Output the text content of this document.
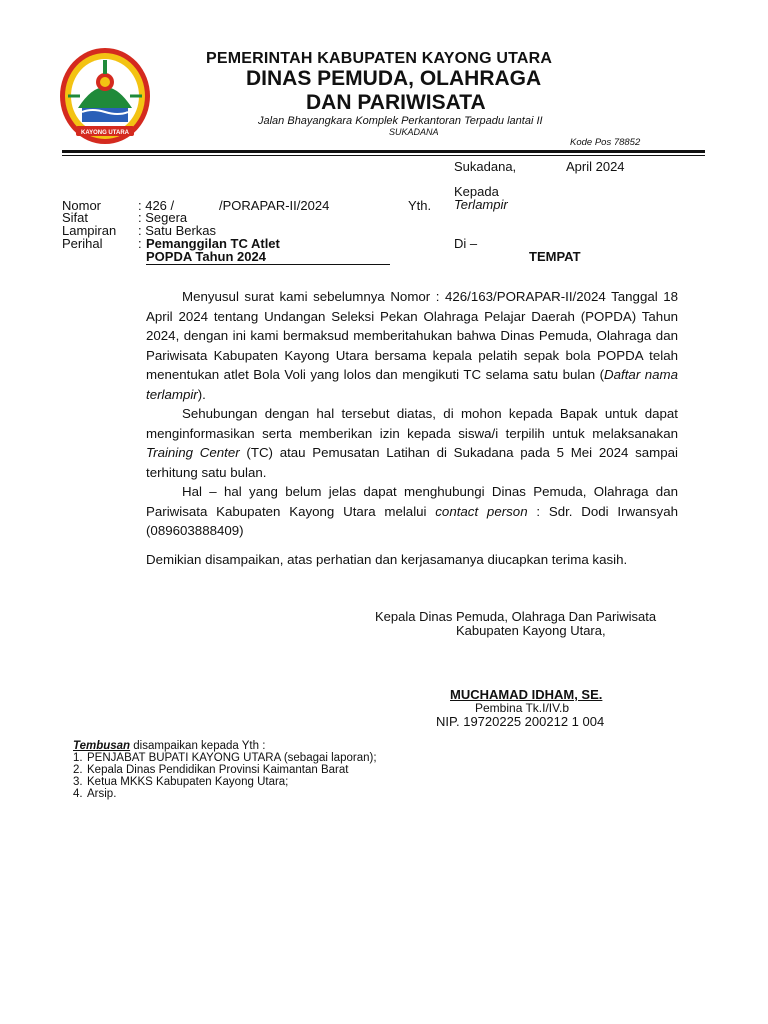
KAYONG UTARA
PEMERINTAH KABUPATEN KAYONG UTARA
DINAS PEMUDA, OLAHRAGA
DAN PARIWISATA
Jalan Bhayangkara Komplek Perkantoran Terpadu lantai II
SUKADANA
Kode Pos 78852
Sukadana,	April 2024
Kepada
Yth. Terlampir
Di –
TEMPAT
Nomor	: 426 /	/PORAPAR-II/2024
Sifat	: Segera
Lampiran : Satu Berkas
Perihal	: Pemanggilan TC Atlet
POPDA Tahun 2024

Menyusul surat kami sebelumnya Nomor : 426/163/PORAPAR-II/2024 Tanggal 18 April 2024 tentang Undangan Seleksi Pekan Olahraga Pelajar Daerah (POPDA) Tahun 2024, dengan ini kami bermaksud memberitahukan bahwa Dinas Pemuda, Olahraga dan Pariwisata Kabupaten Kayong Utara bersama kepala pelatih sepak bola POPDA telah menentukan atlet Bola Voli yang lolos dan mengikuti TC selama satu bulan (Daftar nama terlampir).

Sehubungan dengan hal tersebut diatas, di mohon kepada Bapak untuk dapat menginformasikan serta memberikan izin kepada siswa/i terpilih untuk melaksanakan Training Center (TC) atau Pemusatan Latihan di Sukadana pada 5 Mei 2024 sampai terhitung satu bulan.

Hal – hal yang belum jelas dapat menghubungi Dinas Pemuda, Olahraga dan Pariwisata Kabupaten Kayong Utara melalui contact person : Sdr. Dodi Irwansyah (089603888409)

Demikian disampaikan, atas perhatian dan kerjasamanya diucapkan terima kasih.
Kepala Dinas Pemuda, Olahraga Dan Pariwisata
Kabupaten Kayong Utara,
MUCHAMAD IDHAM, SE.
Pembina Tk.I/IV.b
NIP. 19720225 200212 1 004
Tembusan disampaikan kepada Yth :
1. PENJABAT BUPATI KAYONG UTARA (sebagai laporan);
2. Kepala Dinas Pendidikan Provinsi Kaimantan Barat
3. Ketua MKKS Kabupaten Kayong Utara;
4. Arsip.
